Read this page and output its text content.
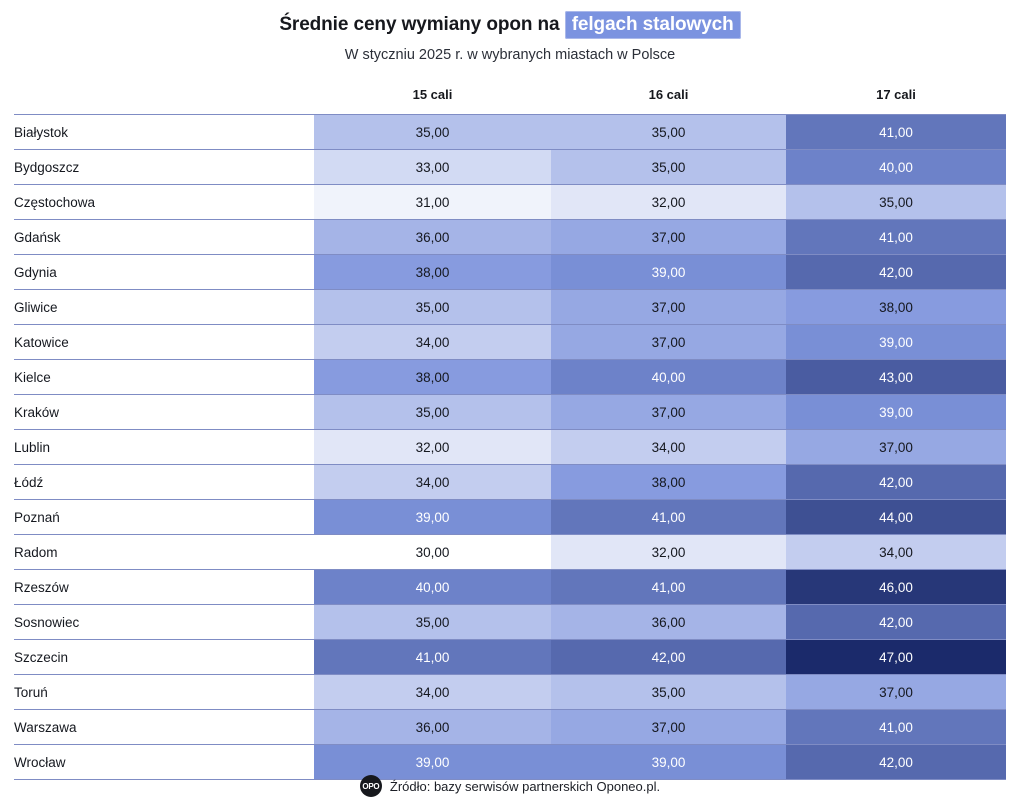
Średnie ceny wymiany opon na felgach stalowych
W styczniu 2025 r. w wybranych miastach w Polsce
	15 cali	16 cali	17 cali
Białystok	35,00	35,00	41,00
Bydgoszcz	33,00	35,00	40,00
Częstochowa	31,00	32,00	35,00
Gdańsk	36,00	37,00	41,00
Gdynia	38,00	39,00	42,00
Gliwice	35,00	37,00	38,00
Katowice	34,00	37,00	39,00
Kielce	38,00	40,00	43,00
Kraków	35,00	37,00	39,00
Lublin	32,00	34,00	37,00
Łódź	34,00	38,00	42,00
Poznań	39,00	41,00	44,00
Radom	30,00	32,00	34,00
Rzeszów	40,00	41,00	46,00
Sosnowiec	35,00	36,00	42,00
Szczecin	41,00	42,00	47,00
Toruń	34,00	35,00	37,00
Warszawa	36,00	37,00	41,00
Wrocław	39,00	39,00	42,00
OPO Źródło: bazy serwisów partnerskich Oponeo.pl.
